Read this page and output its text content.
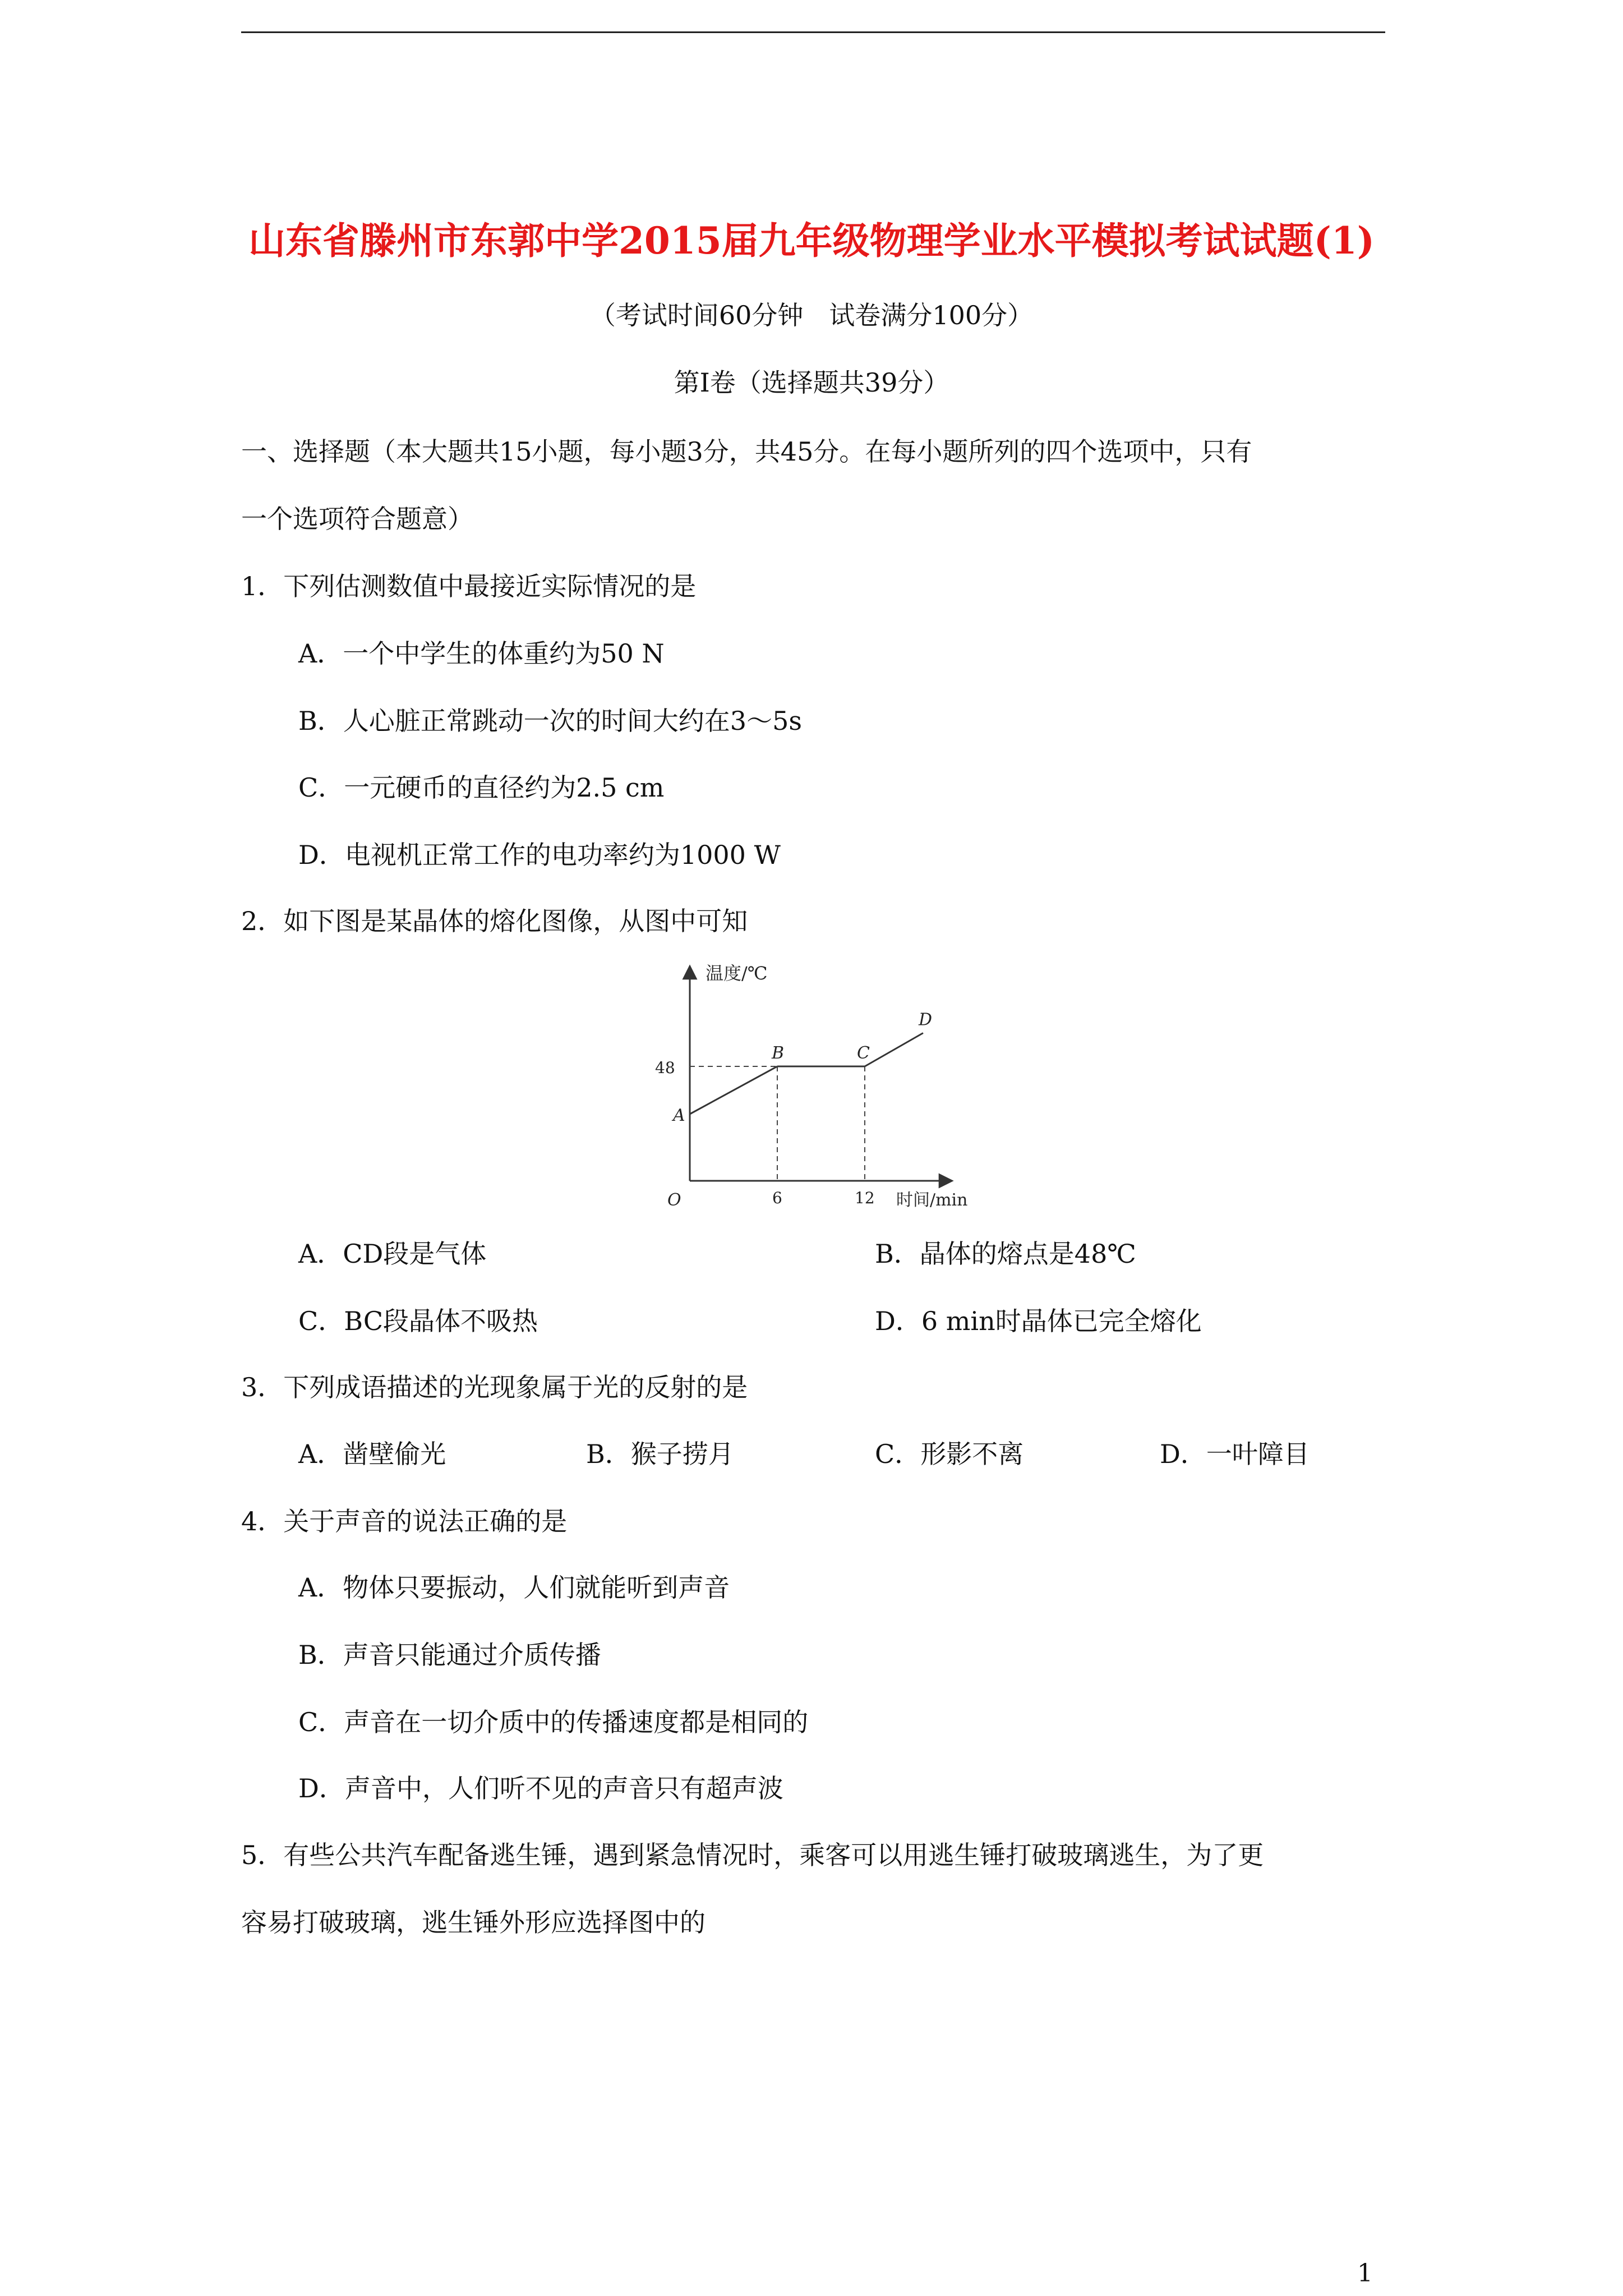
山东省滕州市东郭中学2015届九年级物理学业水平模拟考试试题(1)
（考试时间60分钟　试卷满分100分）
第Ⅰ卷（选择题共39分）
一、选择题（本大题共15小题，每小题3分，共45分。在每小题所列的四个选项中，只有
一个选项符合题意）
1．下列估测数值中最接近实际情况的是
A．一个中学生的体重约为50 N
B．人心脏正常跳动一次的时间大约在3～5s
C．一元硬币的直径约为2.5 cm
D．电视机正常工作的电功率约为1000 W
2．如下图是某晶体的熔化图像，从图中可知
A
B	C
D
48
6	12
O
温度/℃
时间/min
A．CD段是气体	B．晶体的熔点是48℃
C．BC段晶体不吸热	D．6 min时晶体已完全熔化
3．下列成语描述的光现象属于光的反射的是
A．凿壁偷光	B．猴子捞月	C．形影不离	D．一叶障目
4．关于声音的说法正确的是
A．物体只要振动，人们就能听到声音
B．声音只能通过介质传播
C．声音在一切介质中的传播速度都是相同的
D．声音中，人们听不见的声音只有超声波
5．有些公共汽车配备逃生锤，遇到紧急情况时，乘客可以用逃生锤打破玻璃逃生，为了更
容易打破玻璃，逃生锤外形应选择图中的
1
